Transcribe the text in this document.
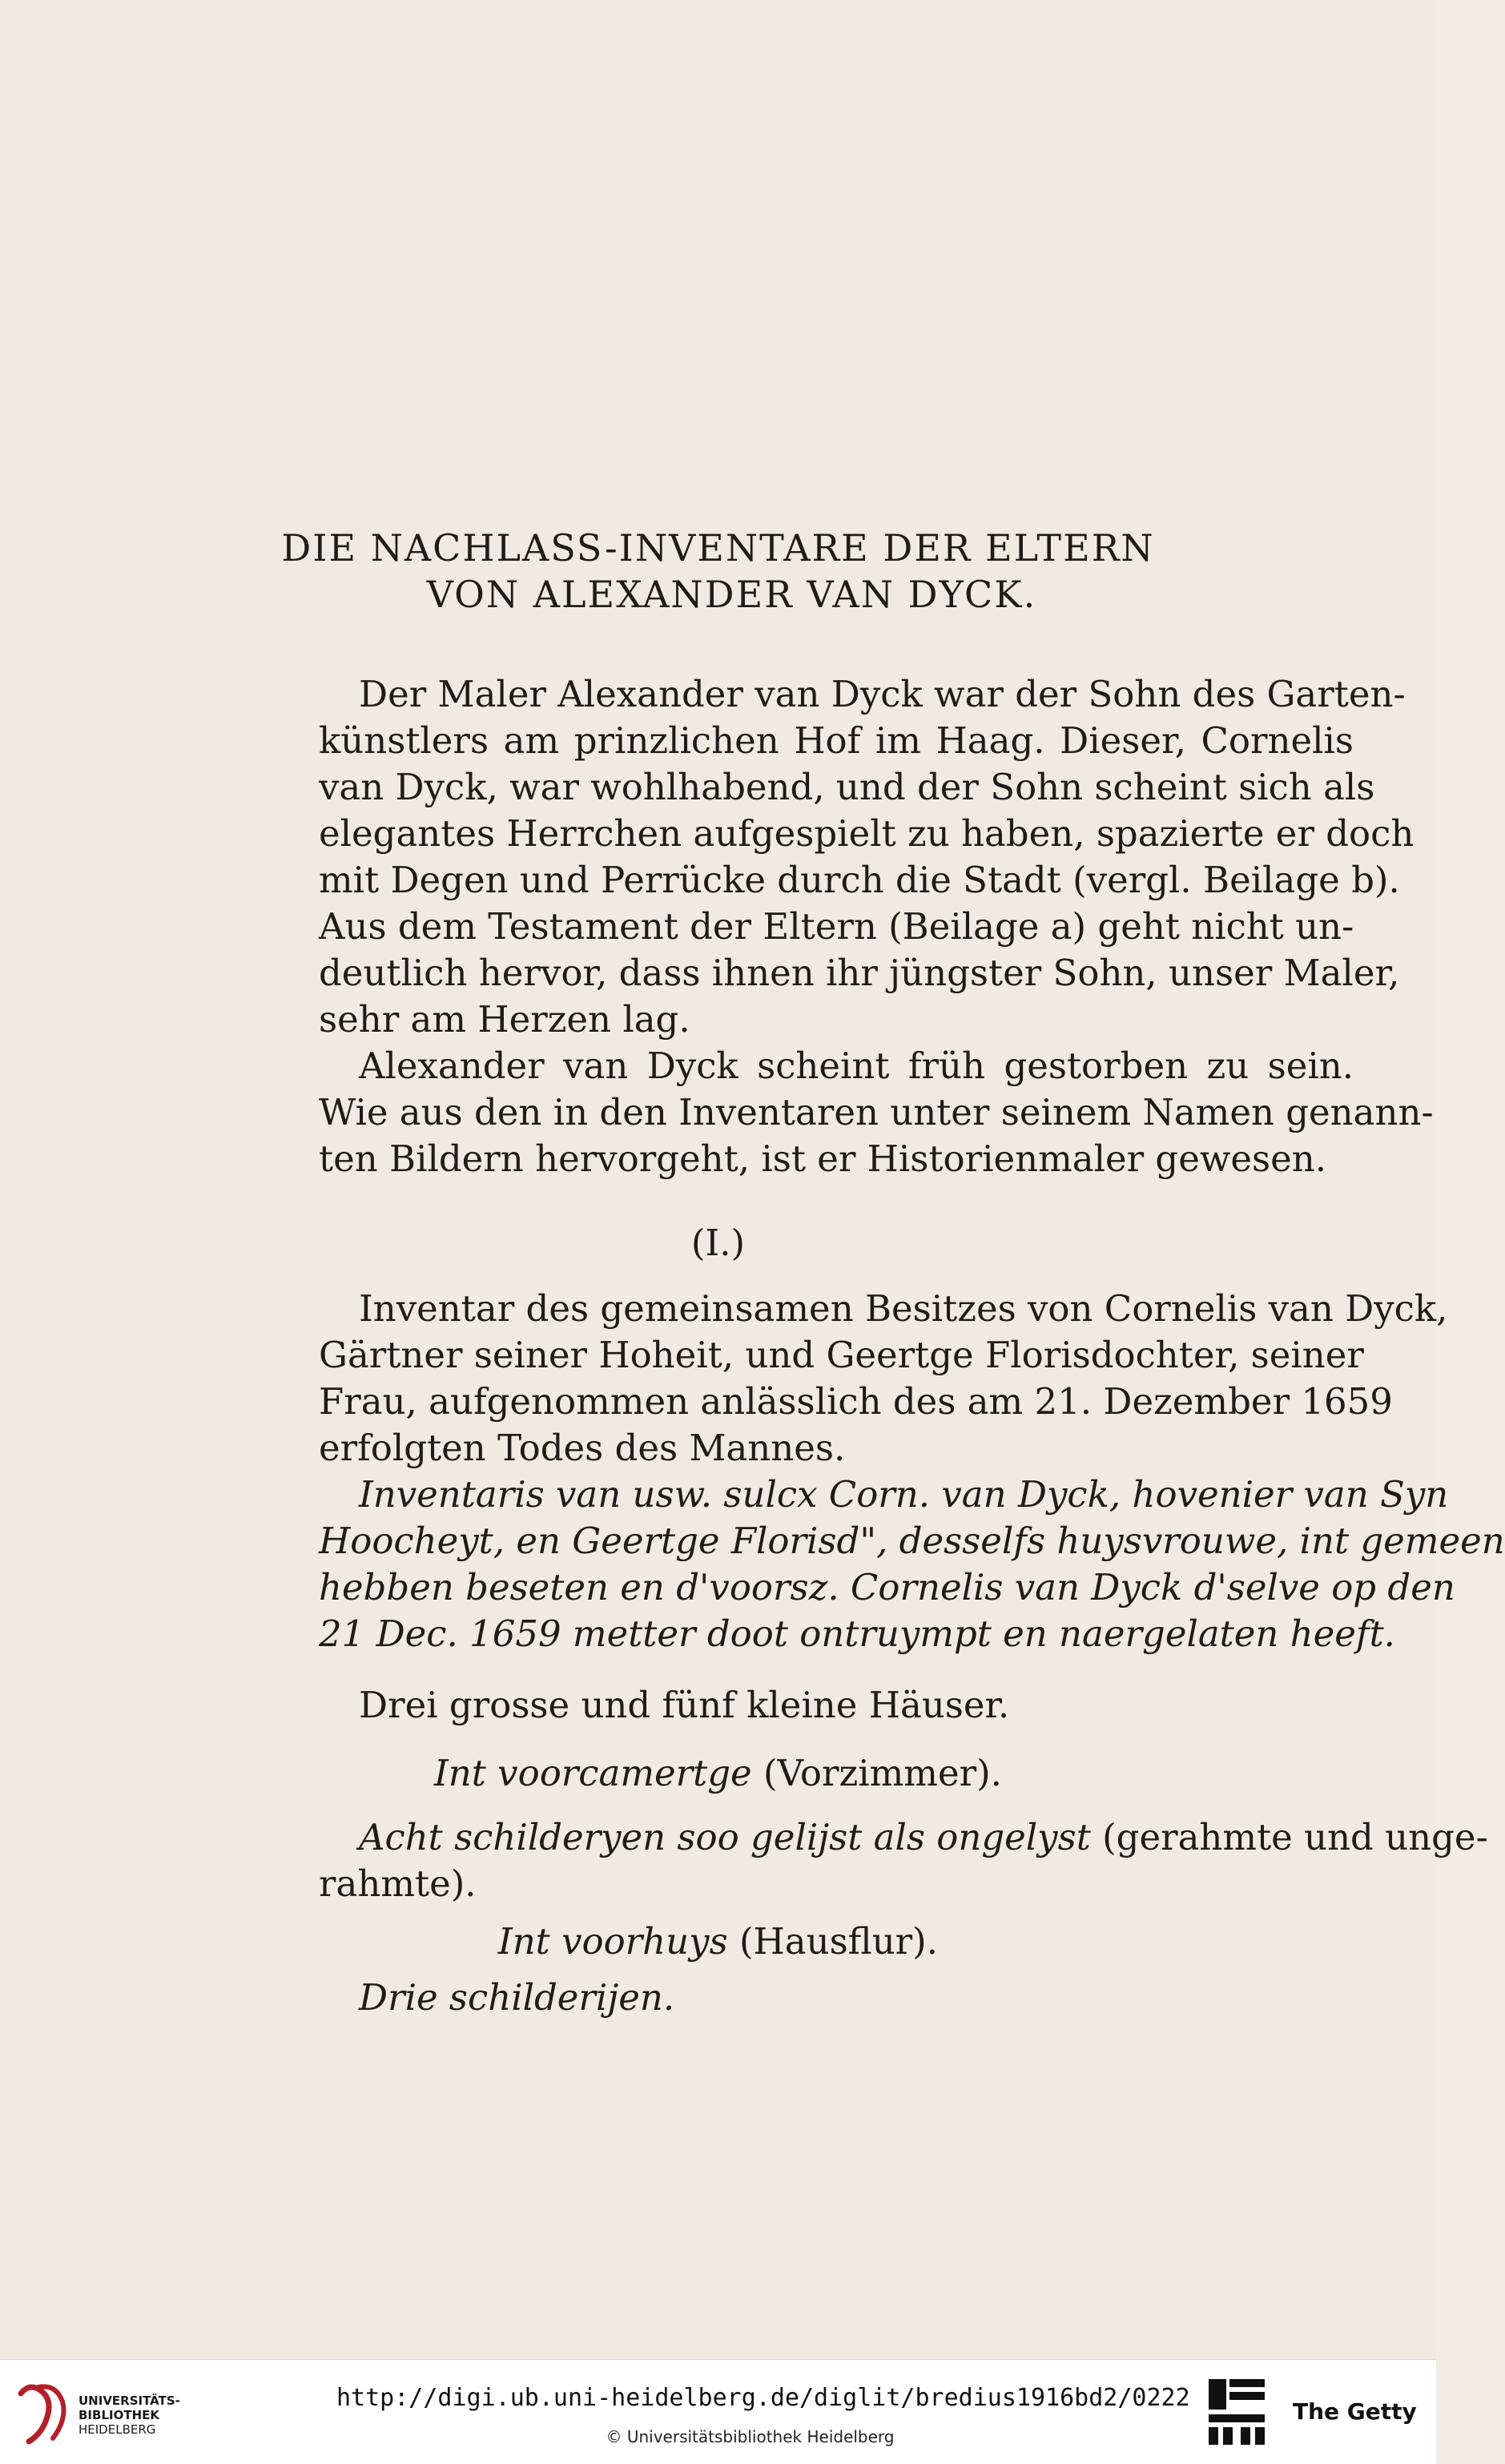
DIE NACHLASS-INVENTARE DER ELTERN
VON ALEXANDER VAN DYCK.

Der Maler Alexander van Dyck war der Sohn des Garten-
künstlers am prinzlichen Hof im Haag. Dieser, Cornelis
van Dyck, war wohlhabend, und der Sohn scheint sich als
elegantes Herrchen aufgespielt zu haben, spazierte er doch
mit Degen und Perrücke durch die Stadt (vergl. Beilage b).
Aus dem Testament der Eltern (Beilage a) geht nicht un-
deutlich hervor, dass ihnen ihr jüngster Sohn, unser Maler,
sehr am Herzen lag.

Alexander van Dyck scheint früh gestorben zu sein.
Wie aus den in den Inventaren unter seinem Namen genann-
ten Bildern hervorgeht, ist er Historienmaler gewesen.

(I.)

Inventar des gemeinsamen Besitzes von Cornelis van Dyck,
Gärtner seiner Hoheit, und Geertge Florisdochter, seiner
Frau, aufgenommen anlässlich des am 21. Dezember 1659
erfolgten Todes des Mannes.

Inventaris van usw. sulcx Corn. van Dyck, hovenier van Syn
Hoocheyt, en Geertge Florisd", desselfs huysvrouwe, int gemeen
hebben beseten en d'voorsz. Cornelis van Dyck d'selve op den
21 Dec. 1659 metter doot ontruympt en naergelaten heeft.

Drei grosse und fünf kleine Häuser.

Int voorcamertge (Vorzimmer).

Acht schilderyen soo gelijst als ongelyst (gerahmte und unge-
rahmte).

Int voorhuys (Hausflur).

Drie schilderijen.

UNIVERSITÄTS-
BIBLIOTHEK
HEIDELBERG
http://digi.ub.uni-heidelberg.de/diglit/bredius1916bd2/0222
© Universitätsbibliothek Heidelberg
The Getty
